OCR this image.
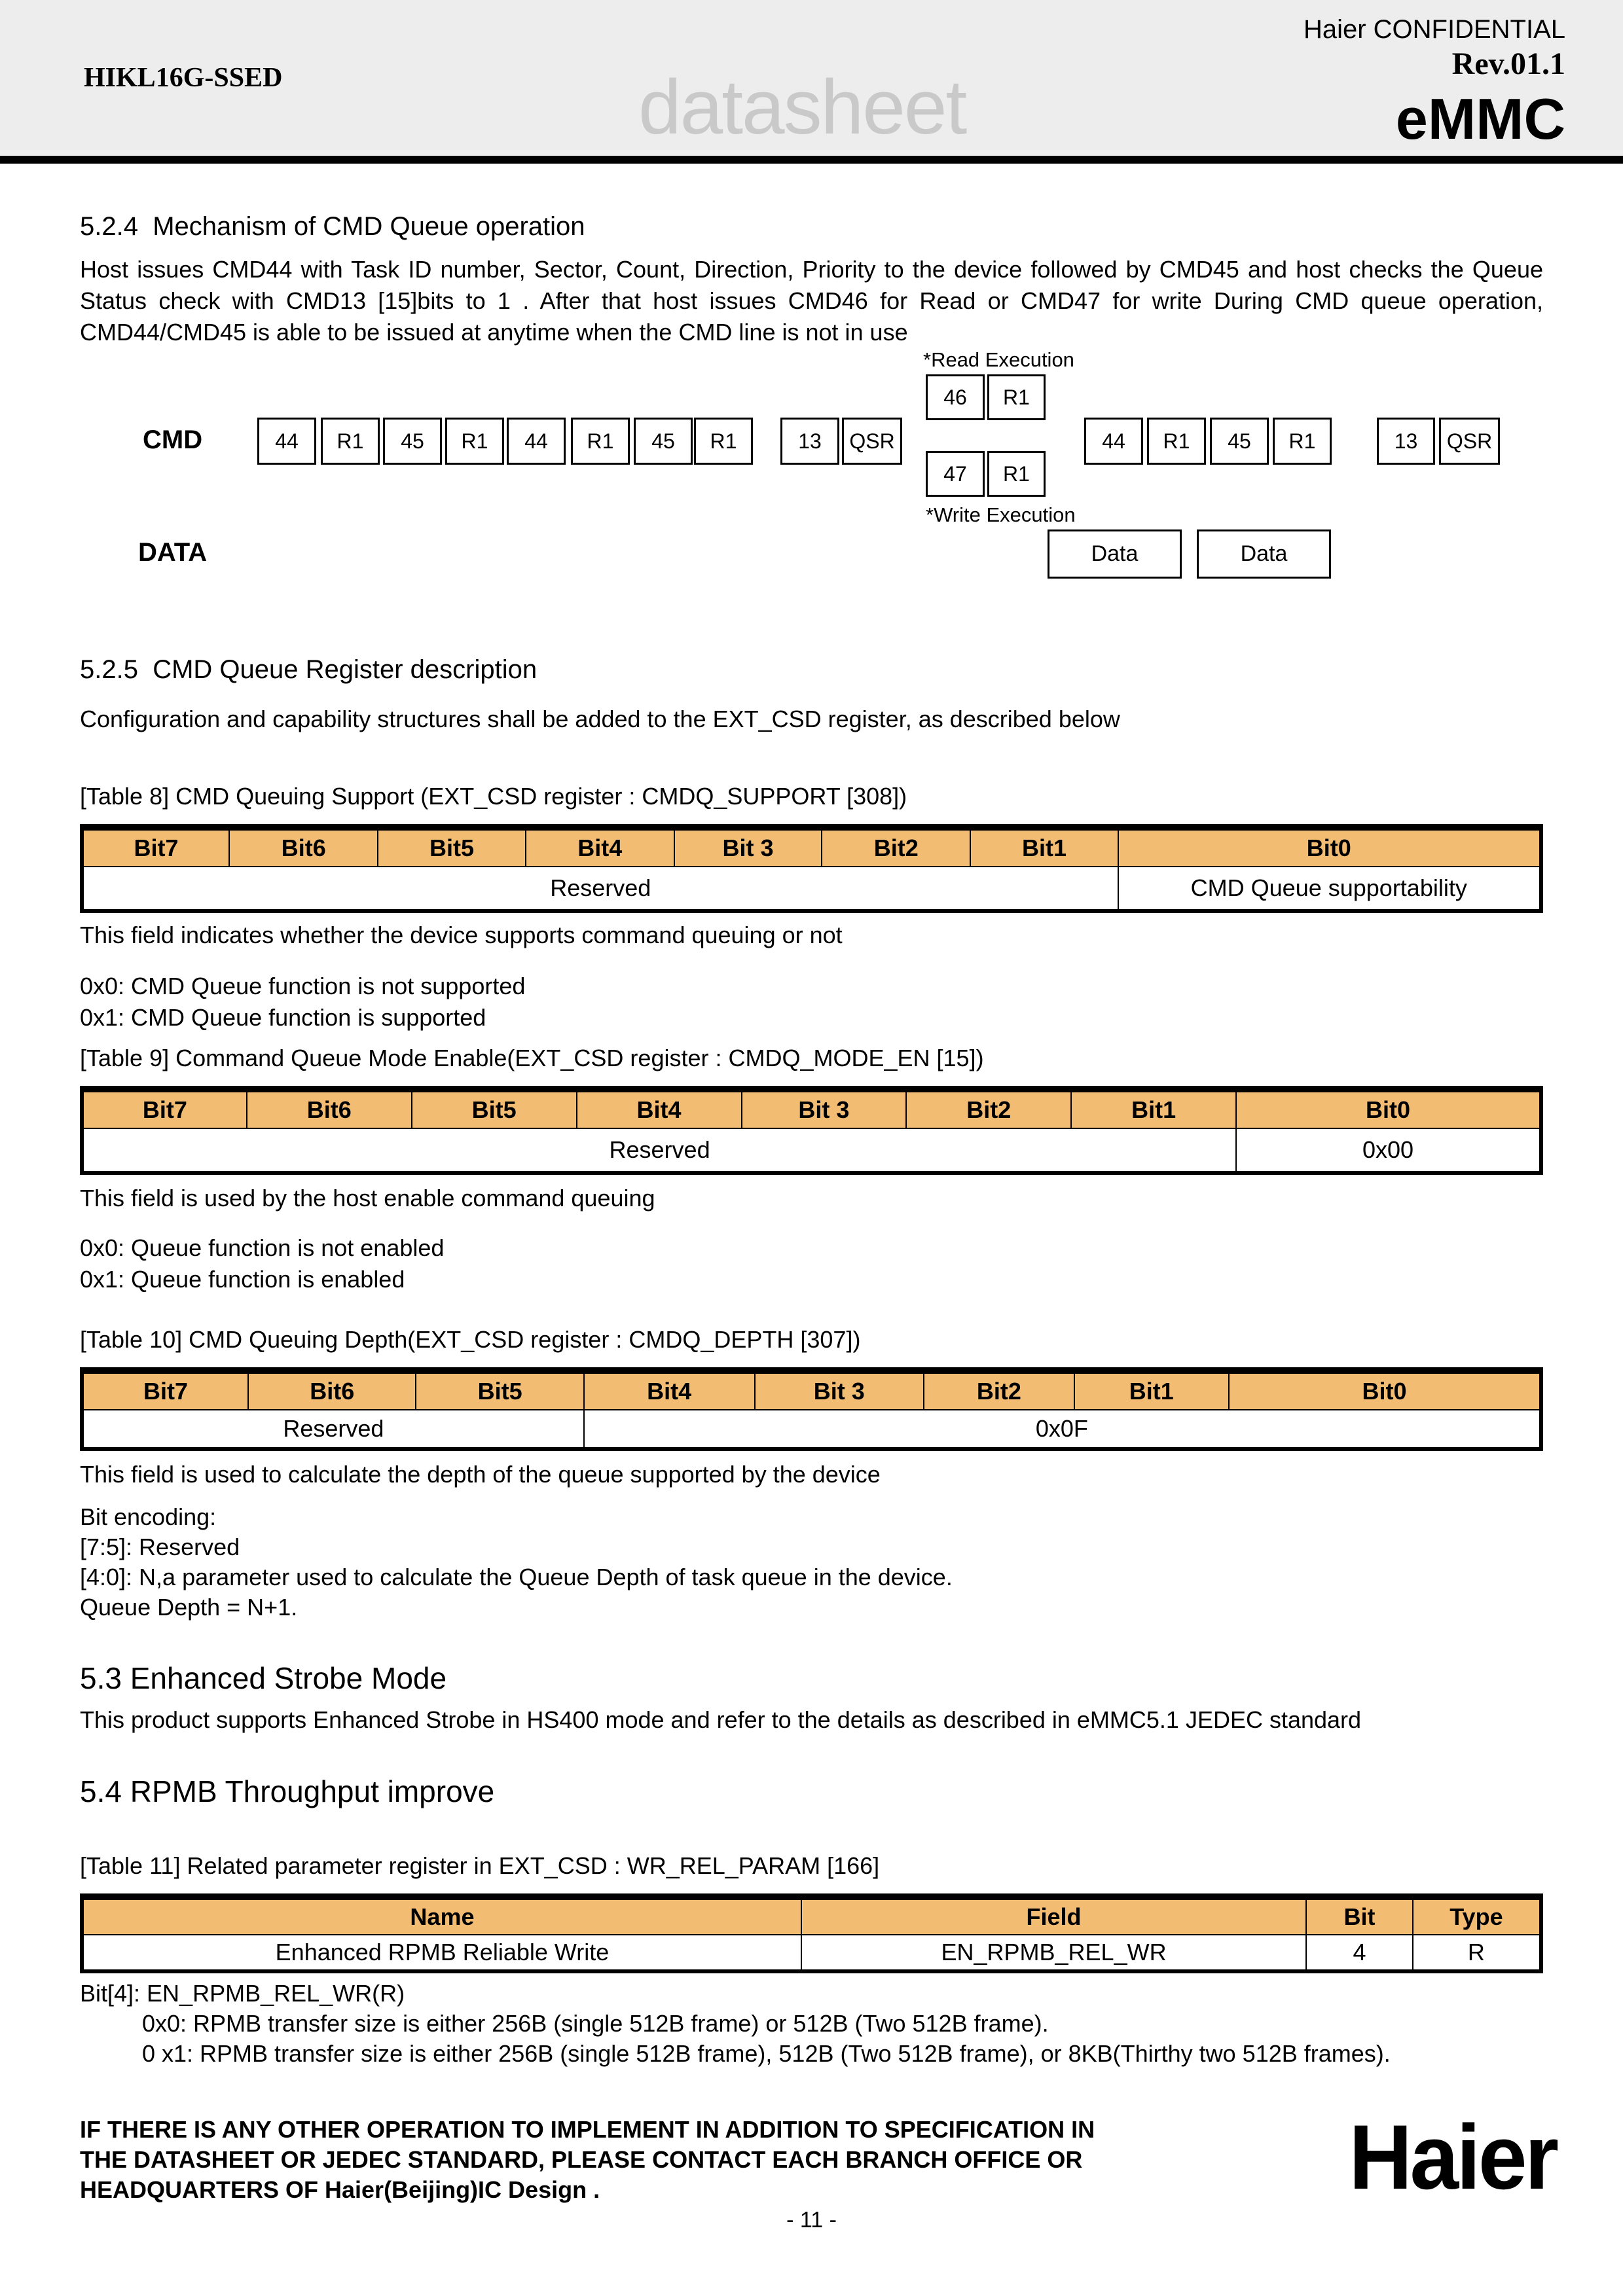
HIKL16G-SSED	datasheet
Haier CONFIDENTIAL
Rev.01.1
eMMC
5.2.4  Mechanism of CMD Queue operation

Host issues CMD44 with Task ID number, Sector, Count, Direction, Priority to the device followed by CMD45 and host checks the Queue Status check with CMD13 [15]bits to 1 . After that host issues CMD46 for Read or CMD47 for write During CMD queue operation, CMD44/CMD45 is able to be issued at anytime when the CMD line is not in use

CMD
DATA
*Read Execution
*Write Execution
44	R1	45	R1	44	R1	45	R1	13	QSR
46	R1
47	R1
44	R1	45	R1	13	QSR
Data	Data
5.2.5  CMD Queue Register description

Configuration and capability structures shall be added to the EXT_CSD register, as described below

[Table 8] CMD Queuing Support (EXT_CSD register : CMDQ_SUPPORT [308])

Bit7	Bit6	Bit5	Bit4	Bit 3	Bit2	Bit1	Bit0
Reserved							CMD Queue supportability

This field indicates whether the device supports command queuing or not

0x0: CMD Queue function is not supported

0x1: CMD Queue function is supported

[Table 9] Command Queue Mode Enable(EXT_CSD register : CMDQ_MODE_EN [15])

Bit7	Bit6	Bit5	Bit4	Bit 3	Bit2	Bit1	Bit0
Reserved							0x00

This field is used by the host enable command queuing

0x0: Queue function is not enabled

0x1: Queue function is enabled

[Table 10] CMD Queuing Depth(EXT_CSD register : CMDQ_DEPTH [307])

Bit7	Bit6	Bit5	Bit4	Bit 3	Bit2	Bit1	Bit0
Reserved			0x0F				

This field is used to calculate the depth of the queue supported by the device

Bit encoding:

[7:5]: Reserved

[4:0]: N,a parameter used to calculate the Queue Depth of task queue in the device.

Queue Depth = N+1.

5.3 Enhanced Strobe Mode

This product supports Enhanced Strobe in HS400 mode and refer to the details as described in eMMC5.1 JEDEC standard

5.4 RPMB Throughput improve

[Table 11] Related parameter register in EXT_CSD : WR_REL_PARAM [166]

Name	Field	Bit	Type
Enhanced RPMB Reliable Write	EN_RPMB_REL_WR	4	R

Bit[4]: EN_RPMB_REL_WR(R)

0x0: RPMB transfer size is either 256B (single 512B frame) or 512B (Two 512B frame).

0 x1: RPMB transfer size is either 256B (single 512B frame), 512B (Two 512B frame), or 8KB(Thirthy two 512B frames).

IF THERE IS ANY OTHER OPERATION TO IMPLEMENT IN ADDITION TO SPECIFICATION IN
THE DATASHEET OR JEDEC STANDARD, PLEASE CONTACT EACH BRANCH OFFICE OR
HEADQUARTERS OF Haier(Beijing)IC Design .	Haier
- 11 -
